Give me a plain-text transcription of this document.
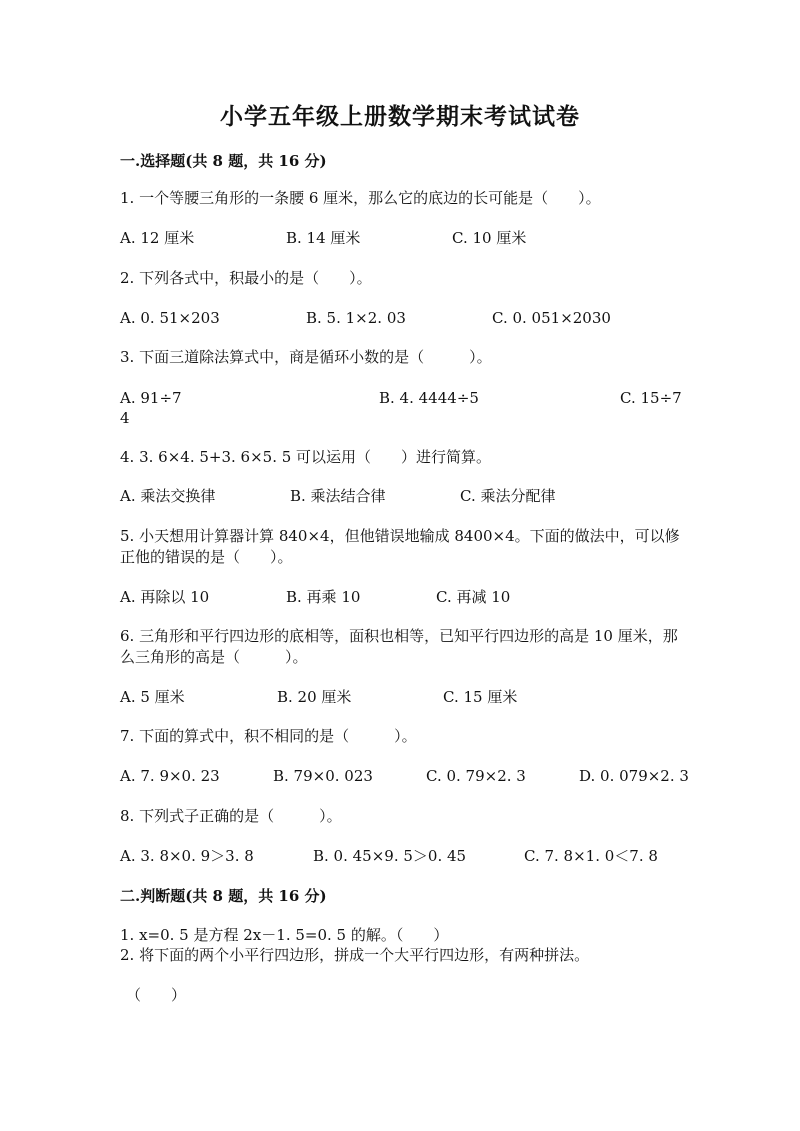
小学五年级上册数学期末考试试卷
一.选择题(共 8 题，共 16 分)
1. 一个等腰三角形的一条腰 6 厘米，那么它的底边的长可能是（　　）。
A. 12 厘米	B. 14 厘米	C. 10 厘米
2. 下列各式中，积最小的是（　　）。
A. 0. 51×203	B. 5. 1×2. 03	C. 0. 051×2030
3. 下面三道除法算式中，商是循环小数的是（　　　）。
A. 91÷7	B. 4. 4444÷5	C. 15÷7
4
4. 3. 6×4. 5+3. 6×5. 5 可以运用（　　）进行简算。
A. 乘法交换律	B. 乘法结合律	C. 乘法分配律
5. 小天想用计算器计算 840×4，但他错误地输成 8400×4。下面的做法中，可以修正他的错误的是（　　）。
A. 再除以 10	B. 再乘 10	C. 再减 10
6. 三角形和平行四边形的底相等，面积也相等，已知平行四边形的高是 10 厘米，那么三角形的高是（　　　）。
A. 5 厘米	B. 20 厘米	C. 15 厘米
7. 下面的算式中，积不相同的是（　　　）。
A. 7. 9×0. 23	B. 79×0. 023	C. 0. 79×2. 3	D. 0. 079×2. 3
8. 下列式子正确的是（　　　）。
A. 3. 8×0. 9＞3. 8	B. 0. 45×9. 5＞0. 45	C. 7. 8×1. 0＜7. 8
二.判断题(共 8 题，共 16 分)
1. x=0. 5 是方程 2x－1. 5=0. 5 的解。（　　）
2. 将下面的两个小平行四边形，拼成一个大平行四边形，有两种拼法。
（　　）
